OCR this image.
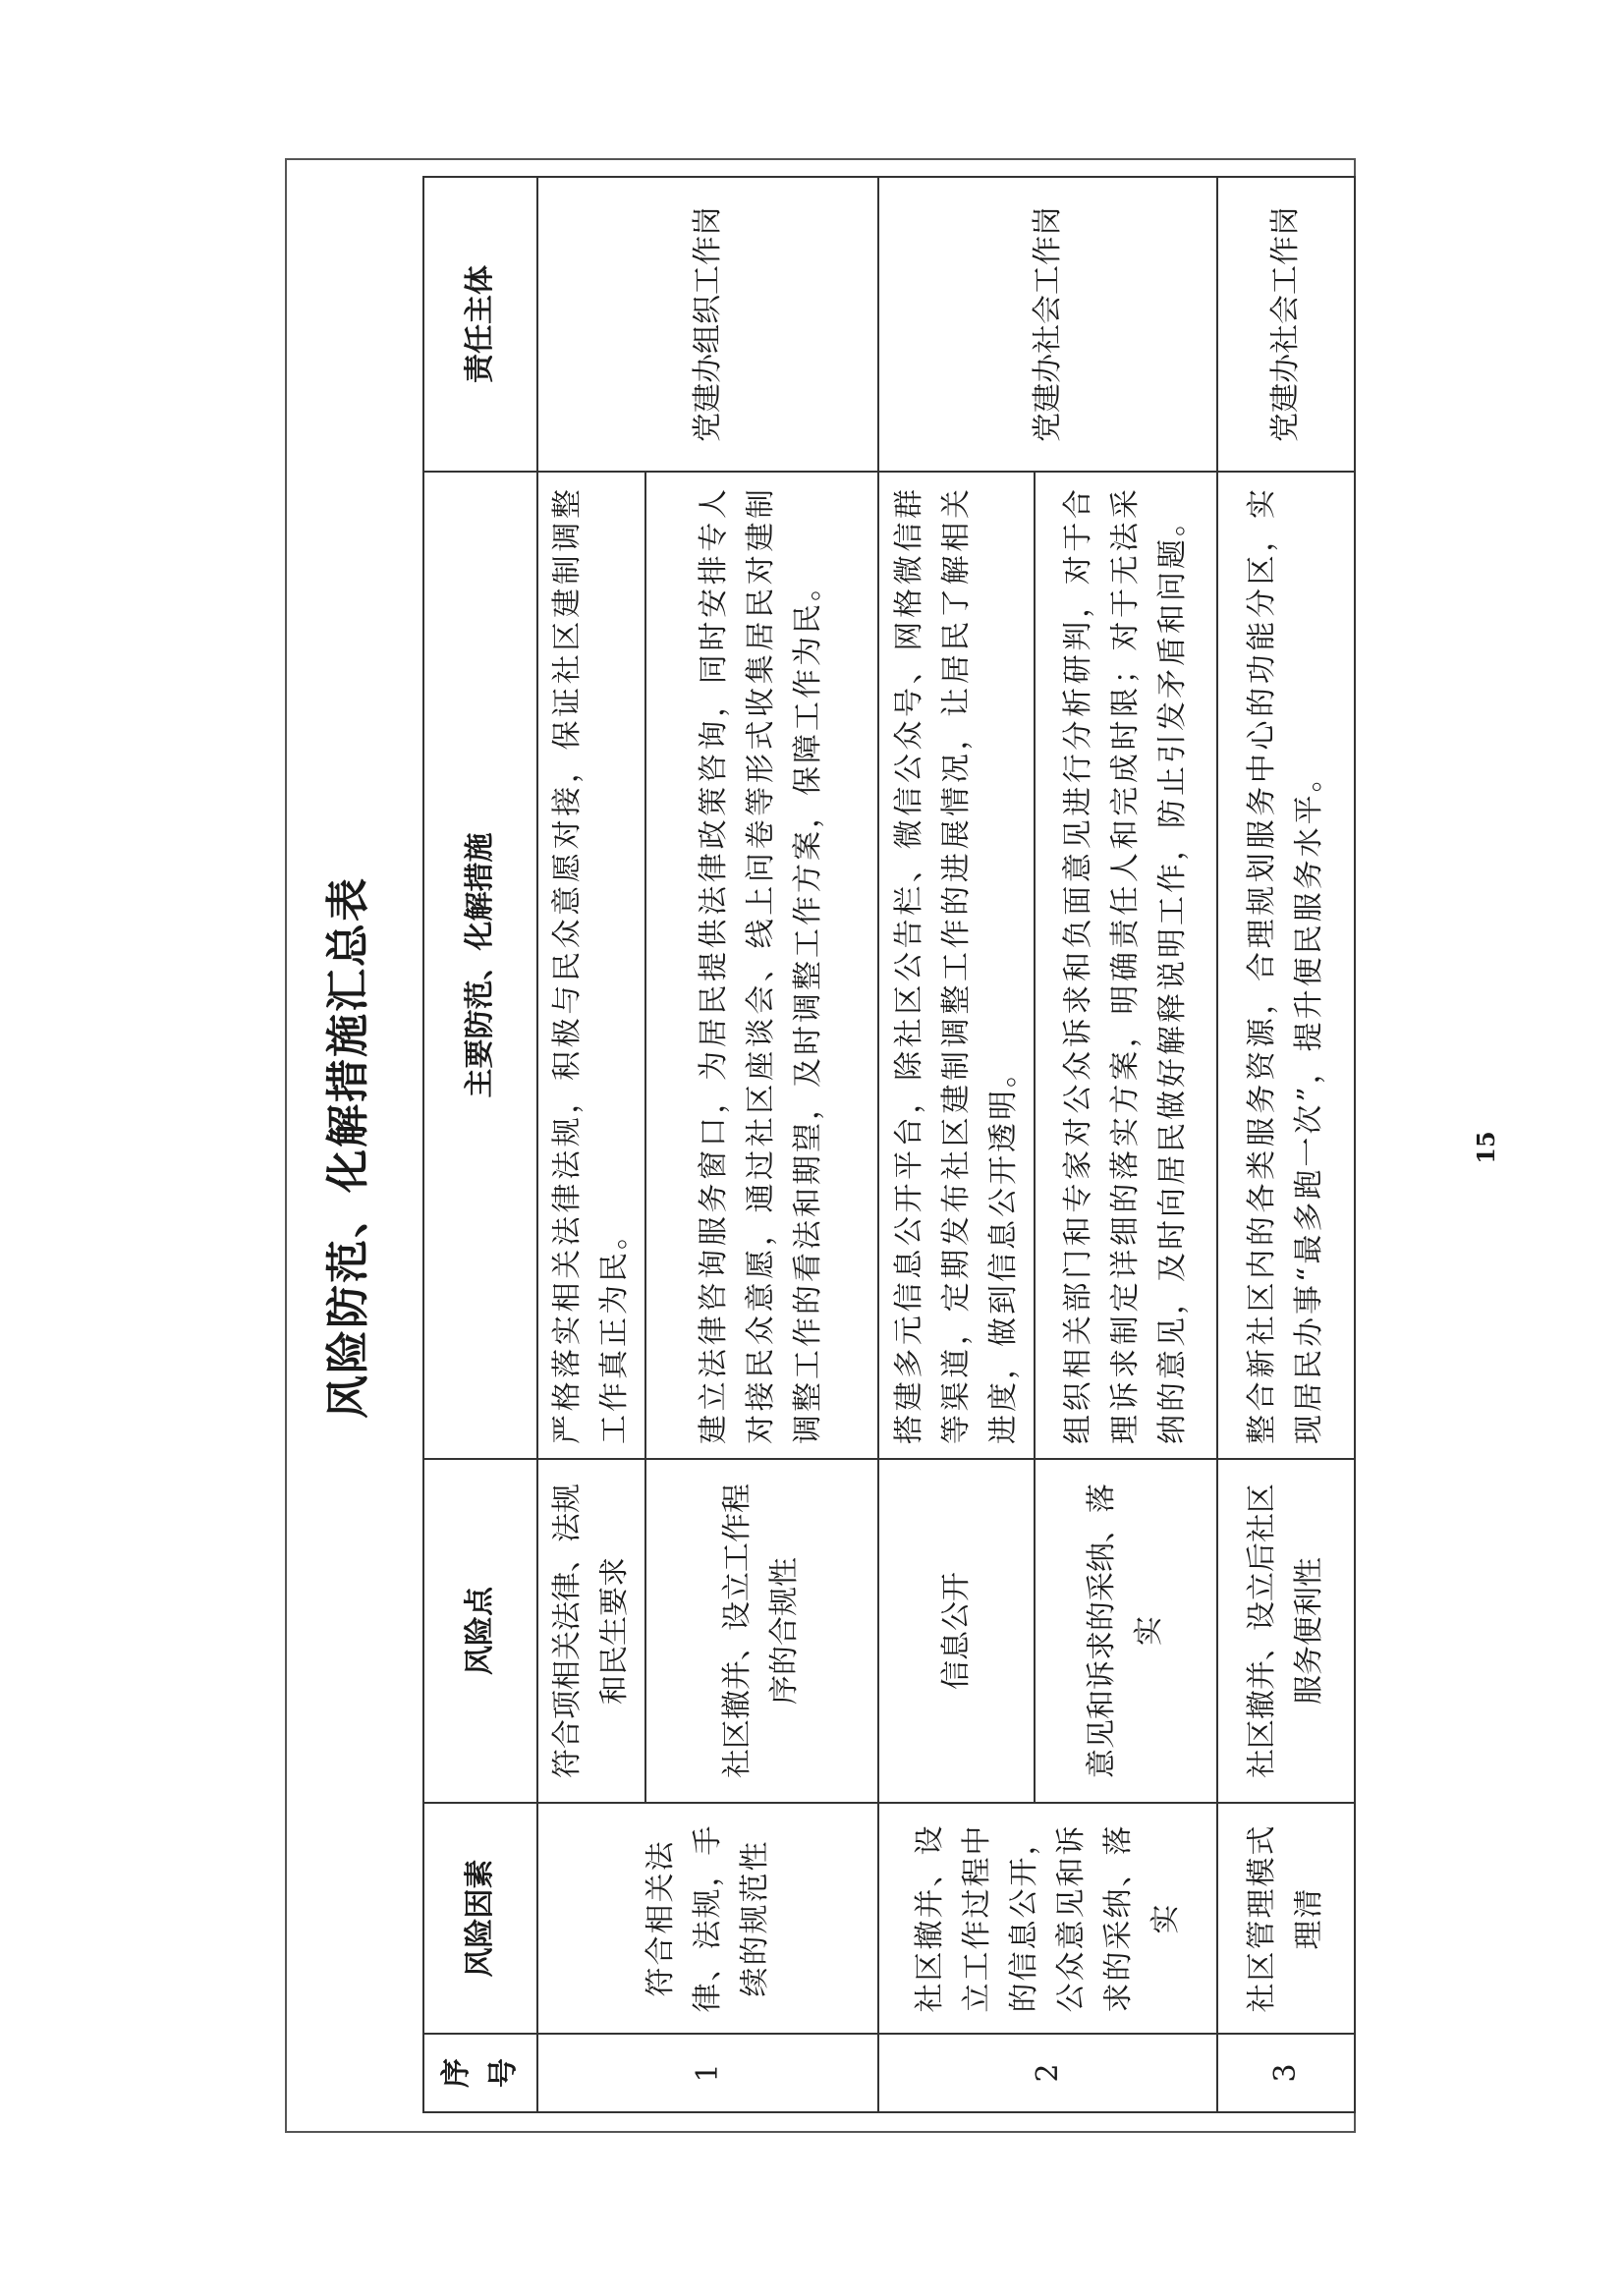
风险防范、化解措施汇总表
序号	风险因素	风险点	主要防范、化解措施	责任主体
1	符合相关法律、法规，手续的规范性	符合项相关法律、法规和民生要求	严格落实相关法律法规，积极与民众意愿对接，保证社区建制调整工作真正为民。	党建办组织工作岗
		社区撤并、设立工作程序的合规性	建立法律咨询服务窗口，为居民提供法律政策咨询，同时安排专人对接民众意愿，通过社区座谈会、线上问卷等形式收集居民对建制调整工作的看法和期望，及时调整工作方案，保障工作为民。	
2	社区撤并、设立工作过程中的信息公开，公众意见和诉求的采纳、落实	信息公开	搭建多元信息公开平台，除社区公告栏、微信公众号、网格微信群等渠道，定期发布社区建制调整工作的进展情况，让居民了解相关进度，做到信息公开透明。	党建办社会工作岗
		意见和诉求的采纳、落实	组织相关部门和专家对公众诉求和负面意见进行分析研判，对于合理诉求制定详细的落实方案，明确责任人和完成时限；对于无法采纳的意见，及时向居民做好解释说明工作，防止引发矛盾和问题。	
3	社区管理模式理清	社区撤并、设立后社区服务便利性	整合新社区内的各类服务资源，合理规划服务中心的功能分区，实现居民办事“最多跑一次”，提升便民服务水平。	党建办社会工作岗
15
